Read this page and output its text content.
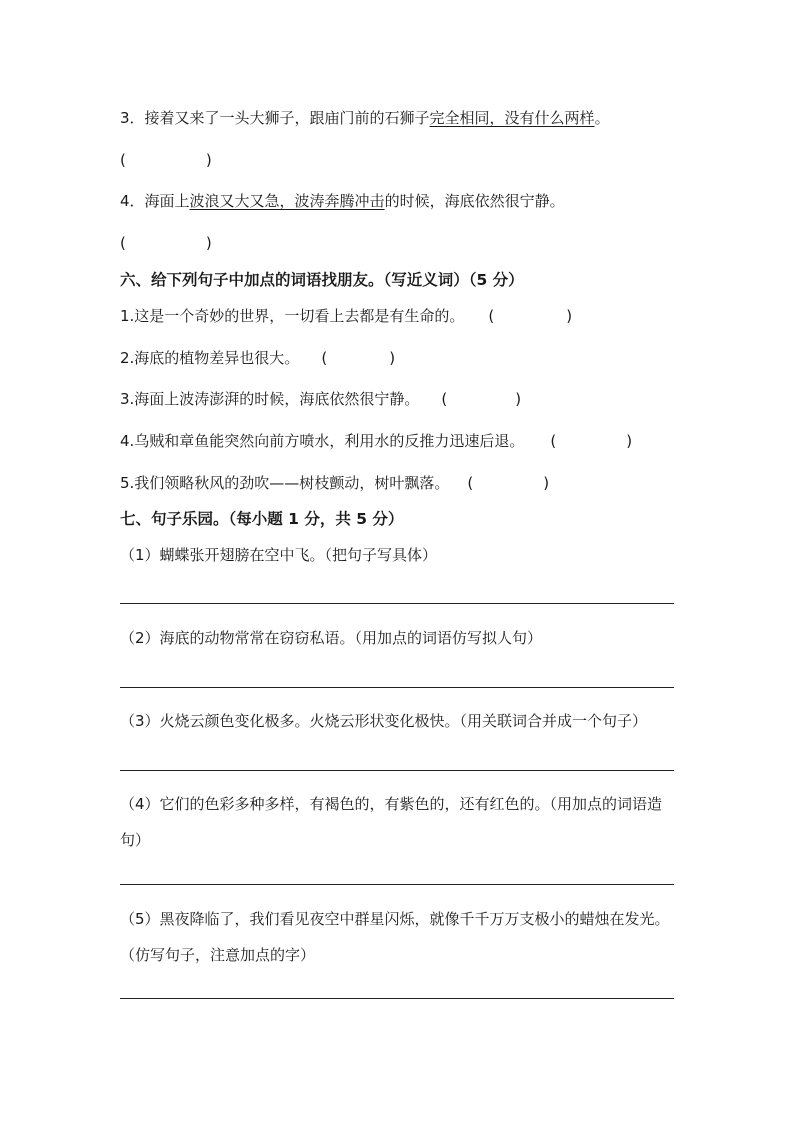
3．接着又来了一头大狮子，跟庙门前的石狮子完全相同，没有什么两样。
(	)
4．海面上波浪又大又急，波涛奔腾冲击的时候，海底依然很宁静。
(	)
六、给下列句子中加点的词语找朋友。（写近义词）（5 分）
1.这是一个奇妙的世界，一切看上去都是有生命的。 (	)
2.海底的植物差异也很大。 (	)
3.海面上波涛澎湃的时候，海底依然很宁静。 (	)
4.乌贼和章鱼能突然向前方喷水，利用水的反推力迅速后退。 (	)
5.我们领略秋风的劲吹——树枝颤动，树叶飘落。 (	)
七、句子乐园。（每小题 1 分，共 5 分）
（1）蝴蝶张开翅膀在空中飞。（把句子写具体）
（2）海底的动物常常在窃窃私语。（用加点的词语仿写拟人句）
（3）火烧云颜色变化极多。火烧云形状变化极快。（用关联词合并成一个句子）
（4）它们的色彩多种多样，有褐色的，有紫色的，还有红色的。（用加点的词语造句）
（5）黑夜降临了，我们看见夜空中群星闪烁，就像千千万万支极小的蜡烛在发光。（仿写句子，注意加点的字）
